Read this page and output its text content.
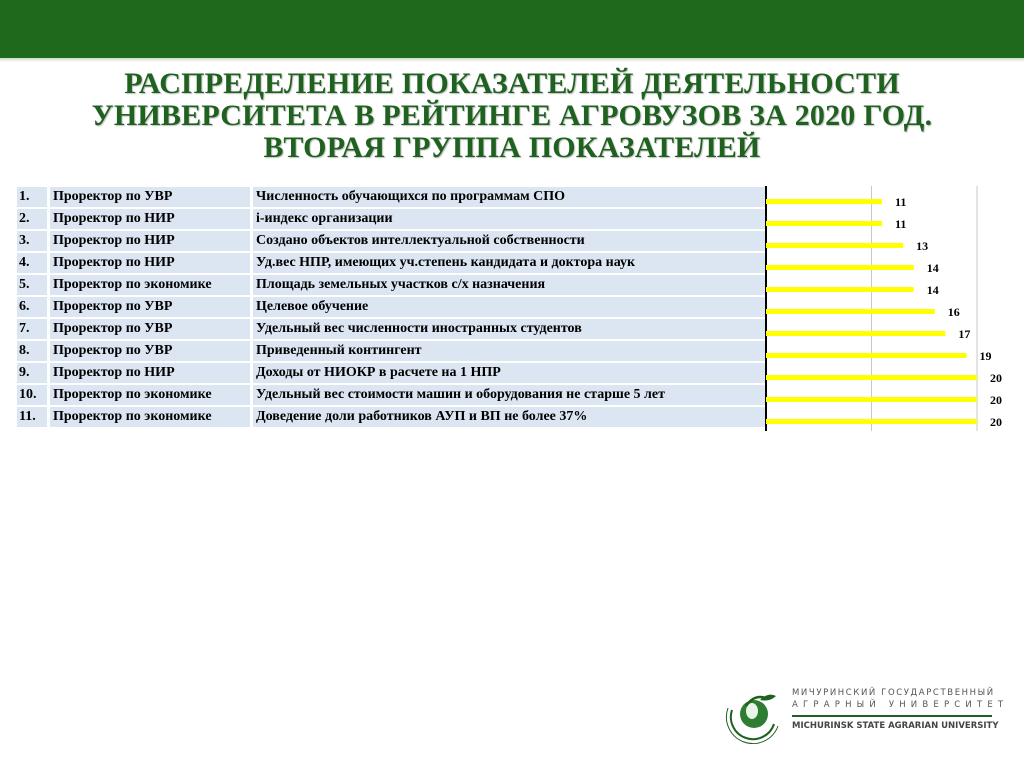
РАСПРЕДЕЛЕНИЕ ПОКАЗАТЕЛЕЙ ДЕЯТЕЛЬНОСТИ
УНИВЕРСИТЕТА В РЕЙТИНГЕ АГРОВУЗОВ ЗА 2020 ГОД.
ВТОРАЯ ГРУППА ПОКАЗАТЕЛЕЙ
1.	Проректор по УВР	Численность обучающихся по программам СПО
2.	Проректор по НИР	i-индекс организации
3.	Проректор по НИР	Создано объектов интеллектуальной собственности
4.	Проректор по НИР	Уд.вес НПР, имеющих уч.степень кандидата и доктора наук
5.	Проректор по экономике	Площадь земельных участков с/х назначения
6.	Проректор по УВР	Целевое обучение
7.	Проректор по УВР	Удельный вес численности иностранных студентов
8.	Проректор по УВР	Приведенный контингент
9.	Проректор по НИР	Доходы от НИОКР в расчете на 1 НПР
10.	Проректор по экономике	Удельный вес стоимости машин и оборудования не старше 5 лет
11.	Проректор по экономике	Доведение доли работников АУП и ВП не более 37%
11
11
13
14
14
16
17
19
20
20
20
МИЧУРИНСКИЙ ГОСУДАРСТВЕННЫЙ
АГРАРНЫЙ УНИВЕРСИТЕТ
MICHURINSK STATE AGRARIAN UNIVERSITY
